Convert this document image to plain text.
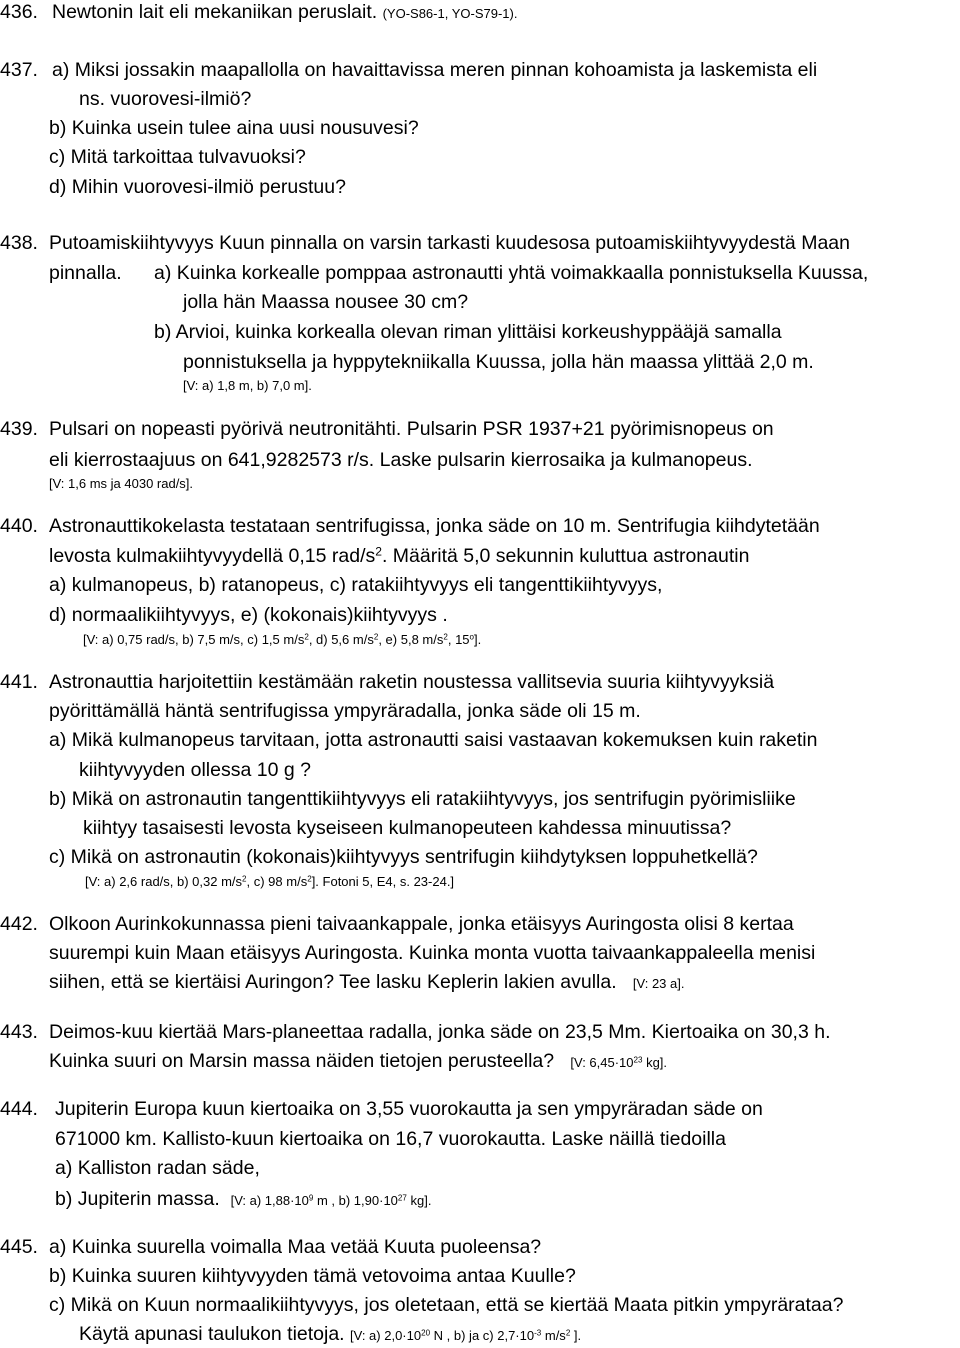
436. Newtonin lait eli mekaniikan peruslait. (YO-S86-1, YO-S79-1).
437. a) Miksi jossakin maapallolla on havaittavissa meren pinnan kohoamista ja laskemista eli
ns. vuorovesi-ilmiö?
b) Kuinka usein tulee aina uusi nousuvesi?
c) Mitä tarkoittaa tulvavuoksi?
d) Mihin vuorovesi-ilmiö perustuu?
438. Putoamiskiihtyvyys Kuun pinnalla on varsin tarkasti kuudesosa putoamiskiihtyvyydestä Maan
pinnalla. a) Kuinka korkealle pomppaa astronautti yhtä voimakkaalla ponnistuksella Kuussa,
jolla hän Maassa nousee 30 cm?
b) Arvioi, kuinka korkealla olevan riman ylittäisi korkeushyppääjä samalla
ponnistuksella ja hyppytekniikalla Kuussa, jolla hän maassa ylittää 2,0 m.
[V: a) 1,8 m, b) 7,0 m].
439. Pulsari on nopeasti pyörivä neutronitähti. Pulsarin PSR 1937+21 pyörimisnopeus on
eli kierrostaajuus on 641,9282573 r/s. Laske pulsarin kierrosaika ja kulmanopeus.
[V: 1,6 ms ja 4030 rad/s].
440. Astronauttikokelasta testataan sentrifugissa, jonka säde on 10 m. Sentrifugia kiihdytetään
levosta kulmakiihtyvyydellä 0,15 rad/$s^2$. Määritä 5,0 sekunnin kuluttua astronautin
a) kulmanopeus, b) ratanopeus, c) ratakiihtyvyys eli tangenttikiihtyvyys,
d) normaalikiihtyvyys, e) (kokonais)kiihtyvyys .
[V: a) 0,75 rad/s, b) 7,5 m/s, c) 1,5 $m/s^2$, d) 5,6 $m/s^2$, e) 5,8 $m/s^2$, 15$^o$].
441. Astronauttia harjoitettiin kestämään raketin noustessa vallitsevia suuria kiihtyvyyksiä
pyörittämällä häntä sentrifugissa ympyräradalla, jonka säde oli 15 m.
a) Mikä kulmanopeus tarvitaan, jotta astronautti saisi vastaavan kokemuksen kuin raketin
kiihtyvyyden ollessa 10 g ?
b) Mikä on astronautin tangenttikiihtyvyys eli ratakiihtyvyys, jos sentrifugin pyörimisliike
kiihtyy tasaisesti levosta kyseiseen kulmanopeuteen kahdessa minuutissa?
c) Mikä on astronautin (kokonais)kiihtyvyys sentrifugin kiihdytyksen loppuhetkellä?
[V: a) 2,6 rad/s, b) 0,32 $m/s^2$, c) 98 $m/s^2$]. Fotoni 5, E4, s. 23-24.]
442. Olkoon Aurinkokunnassa pieni taivaankappale, jonka etäisyys Auringosta olisi 8 kertaa
suurempi kuin Maan etäisyys Auringosta. Kuinka monta vuotta taivaankappaleella menisi
siihen, että se kiertäisi Auringon? Tee lasku Keplerin lakien avulla. [V: 23 a].
443. Deimos-kuu kiertää Mars-planeettaa radalla, jonka säde on 23,5 Mm. Kiertoaika on 30,3 h.
Kuinka suuri on Marsin massa näiden tietojen perusteella? [V: $6,45\cdot 10^{23}$ kg].
444. Jupiterin Europa kuun kiertoaika on 3,55 vuorokautta ja sen ympyräradan säde on
671000 km. Kallisto-kuun kiertoaika on 16,7 vuorokautta. Laske näillä tiedoilla
a) Kalliston radan säde,
b) Jupiterin massa. [V: a) $1,88\cdot 10^9$ m , b) $1,90\cdot 10^{27}$ kg].
445. a) Kuinka suurella voimalla Maa vetää Kuuta puoleensa?
b) Kuinka suuren kiihtyvyyden tämä vetovoima antaa Kuulle?
c) Mikä on Kuun normaalikiihtyvyys, jos oletetaan, että se kiertää Maata pitkin ympyrärataa?
Käytä apunasi taulukon tietoja. [V: a) $2,0\cdot 10^{20}$ N , b) ja c) $2,7\cdot 10^{-3}$ $m/s^2$ ].
